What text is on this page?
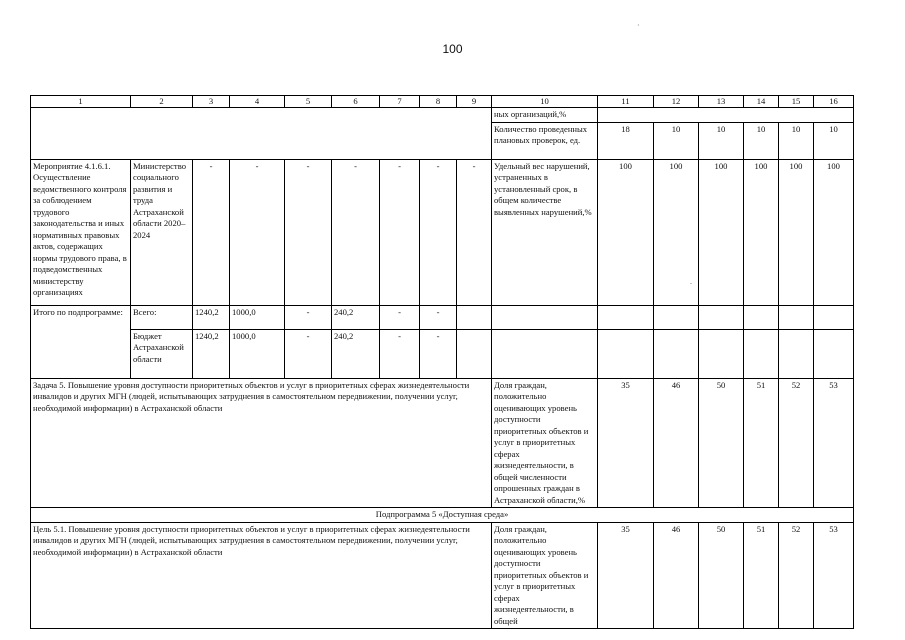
100
·
.
1	2	3	4	5	6	7	8	9	10	11	12	13	14	15	16
									ных организаций,%						
									Количество проведенных плановых проверок, ед.	18	10	10	10	10	10
Мероприятие 4.1.6.1. Осуществление ведомственного контроля за соблюдением трудового законодательства и иных нормативных правовых актов, содержащих нормы трудового права, в подведомственных министерству организациях	Министерство социального развития и труда Астраханской области 2020–2024	-	-	-	-	-	-	-	Удельный вес нарушений, устраненных в установленный срок, в общем количестве выявленных нарушений,%	100	100	100	100	100	100
Итого по подпрограмме:	Всего:	1240,2	1000,0	-	240,2	-	-								
	Бюджет Астраханской области	1240,2	1000,0	-	240,2	-	-								
Задача 5. Повышение уровня доступности приоритетных объектов и услуг в приоритетных сферах жизнедеятельности инвалидов и других МГН (людей, испытывающих затруднения в самостоятельном передвижении, получении услуг, необходимой информации) в Астраханской области									Доля граждан, положительно оценивающих уровень доступности приоритетных объектов и услуг в приоритетных сферах жизнедеятельности, в общей численности опрошенных граждан в Астраханской области,%	35	46	50	51	52	53
Подпрограмма 5 «Доступная среда»															
Цель 5.1. Повышение уровня доступности приоритетных объектов и услуг в приоритетных сферах жизнедеятельности инвалидов и других МГН (людей, испытывающих затруднения в самостоятельном передвижении, получении услуг, необходимой информации) в Астраханской области									Доля граждан, положительно оценивающих уровень доступности приоритетных объектов и услуг в приоритетных сферах жизнедеятельности, в общей	35	46	50	51	52	53
